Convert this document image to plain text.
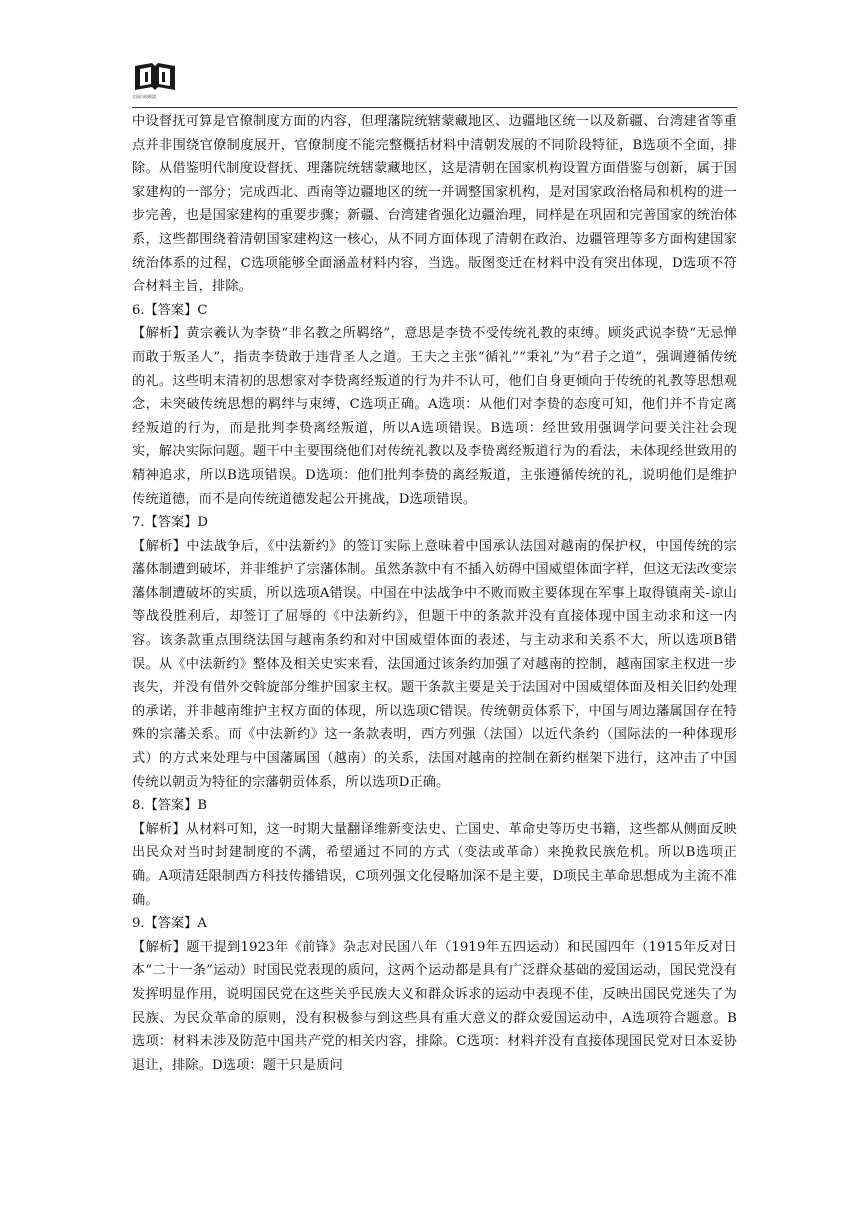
全国百校联盟

中设督抚可算是官僚制度方面的内容，但理藩院统辖蒙藏地区、边疆地区统一以及新疆、台湾建省等重点并非围绕官僚制度展开，官僚制度不能完整概括材料中清朝发展的不同阶段特征，B选项不全面，排除。从借鉴明代制度设督抚、理藩院统辖蒙藏地区，这是清朝在国家机构设置方面借鉴与创新，属于国家建构的一部分；完成西北、西南等边疆地区的统一并调整国家机构，是对国家政治格局和机构的进一步完善，也是国家建构的重要步骤；新疆、台湾建省强化边疆治理，同样是在巩固和完善国家的统治体系，这些都围绕着清朝国家建构这一核心，从不同方面体现了清朝在政治、边疆管理等多方面构建国家统治体系的过程，C选项能够全面涵盖材料内容，当选。版图变迁在材料中没有突出体现，D选项不符合材料主旨，排除。

6.【答案】C

【解析】黄宗羲认为李贽“非名教之所羁络”，意思是李贽不受传统礼教的束缚。顾炎武说李贽“无忌惮而敢于叛圣人”，指责李贽敢于违背圣人之道。王夫之主张“循礼”“秉礼”为“君子之道”，强调遵循传统的礼。这些明末清初的思想家对李贽离经叛道的行为并不认可，他们自身更倾向于传统的礼教等思想观念，未突破传统思想的羁绊与束缚，C选项正确。A选项：从他们对李贽的态度可知，他们并不肯定离经叛道的行为，而是批判李贽离经叛道，所以A选项错误。B选项：经世致用强调学问要关注社会现实，解决实际问题。题干中主要围绕他们对传统礼教以及李贽离经叛道行为的看法，未体现经世致用的精神追求，所以B选项错误。D选项：他们批判李贽的离经叛道，主张遵循传统的礼，说明他们是维护传统道德，而不是向传统道德发起公开挑战，D选项错误。

7.【答案】D

【解析】中法战争后，《中法新约》的签订实际上意味着中国承认法国对越南的保护权，中国传统的宗藩体制遭到破坏，并非维护了宗藩体制。虽然条款中有不插入妨碍中国威望体面字样，但这无法改变宗藩体制遭破坏的实质，所以选项A错误。中国在中法战争中不败而败主要体现在军事上取得镇南关-谅山等战役胜利后，却签订了屈辱的《中法新约》，但题干中的条款并没有直接体现中国主动求和这一内容。该条款重点围绕法国与越南条约和对中国威望体面的表述，与主动求和关系不大，所以选项B错误。从《中法新约》整体及相关史实来看，法国通过该条约加强了对越南的控制，越南国家主权进一步丧失，并没有借外交斡旋部分维护国家主权。题干条款主要是关于法国对中国威望体面及相关旧约处理的承诺，并非越南维护主权方面的体现，所以选项C错误。传统朝贡体系下，中国与周边藩属国存在特殊的宗藩关系。而《中法新约》这一条款表明，西方列强（法国）以近代条约（国际法的一种体现形式）的方式来处理与中国藩属国（越南）的关系，法国对越南的控制在新约框架下进行，这冲击了中国传统以朝贡为特征的宗藩朝贡体系，所以选项D正确。

8.【答案】B

【解析】从材料可知，这一时期大量翻译维新变法史、亡国史、革命史等历史书籍，这些都从侧面反映出民众对当时封建制度的不满，希望通过不同的方式（变法或革命）来挽救民族危机。所以B选项正确。A项清廷限制西方科技传播错误，C项列强文化侵略加深不是主要，D项民主革命思想成为主流不准确。

9.【答案】A

【解析】题干提到1923年《前锋》杂志对民国八年（1919年五四运动）和民国四年（1915年反对日本“二十一条”运动）时国民党表现的质问，这两个运动都是具有广泛群众基础的爱国运动，国民党没有发挥明显作用，说明国民党在这些关乎民族大义和群众诉求的运动中表现不佳，反映出国民党迷失了为民族、为民众革命的原则，没有积极参与到这些具有重大意义的群众爱国运动中，A选项符合题意。B选项：材料未涉及防范中国共产党的相关内容，排除。C选项：材料并没有直接体现国民党对日本妥协退让，排除。D选项：题干只是质问
